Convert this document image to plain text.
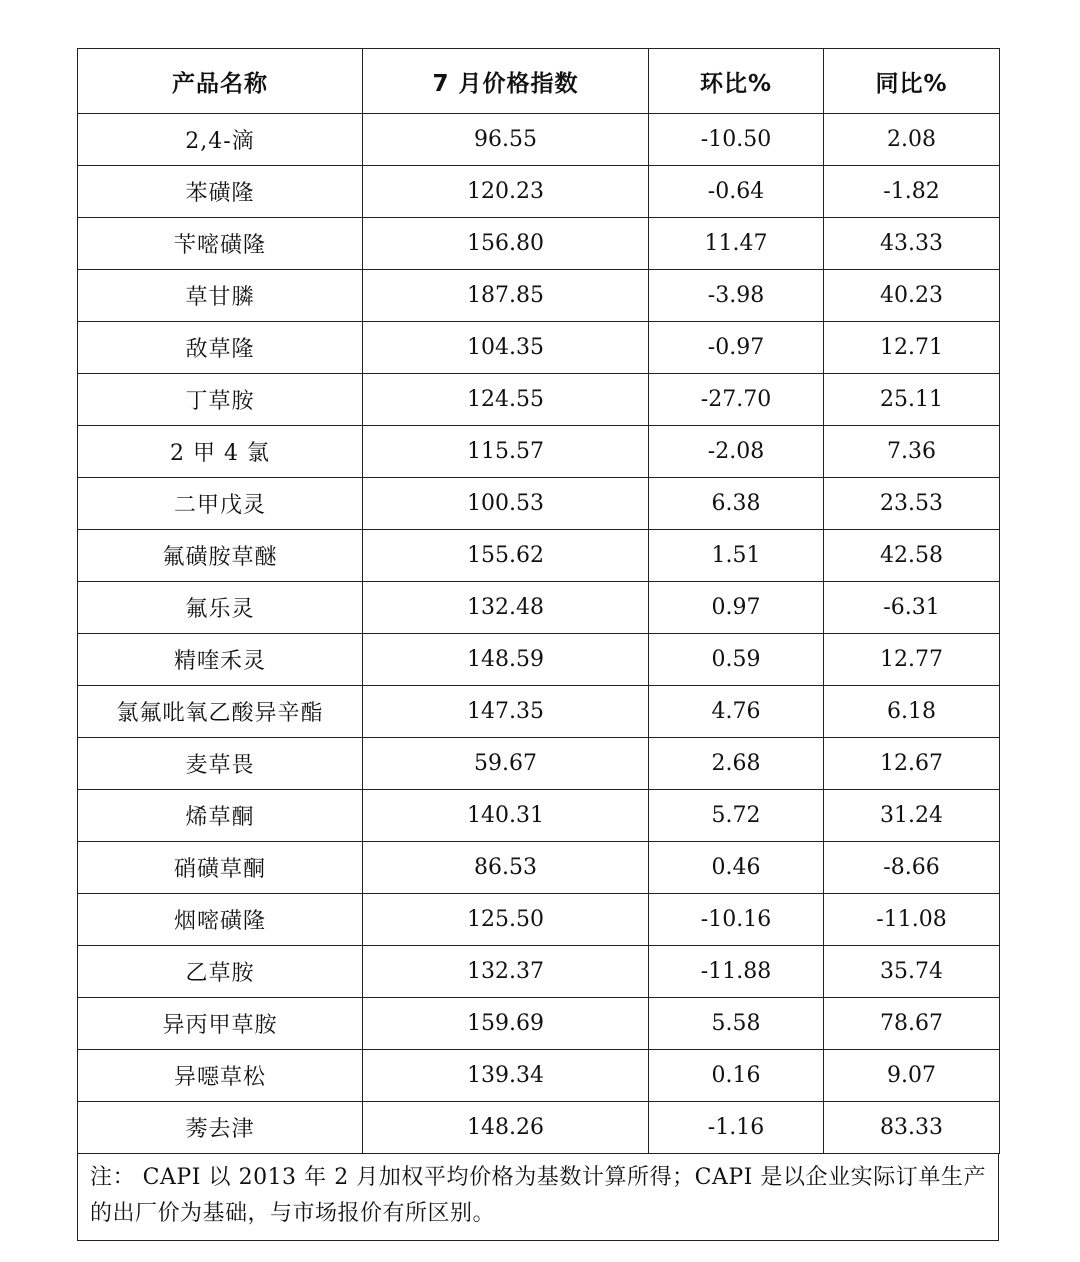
产品名称	7 月价格指数	环比%	同比%
2,4-滴	96.55	-10.50	2.08
苯磺隆	120.23	-0.64	-1.82
苄嘧磺隆	156.80	11.47	43.33
草甘膦	187.85	-3.98	40.23
敌草隆	104.35	-0.97	12.71
丁草胺	124.55	-27.70	25.11
2 甲 4 氯	115.57	-2.08	7.36
二甲戊灵	100.53	6.38	23.53
氟磺胺草醚	155.62	1.51	42.58
氟乐灵	132.48	0.97	-6.31
精喹禾灵	148.59	0.59	12.77
氯氟吡氧乙酸异辛酯	147.35	4.76	6.18
麦草畏	59.67	2.68	12.67
烯草酮	140.31	5.72	31.24
硝磺草酮	86.53	0.46	-8.66
烟嘧磺隆	125.50	-10.16	-11.08
乙草胺	132.37	-11.88	35.74
异丙甲草胺	159.69	5.58	78.67
异噁草松	139.34	0.16	9.07
莠去津	148.26	-1.16	83.33
注： CAPI 以 2013 年 2 月加权平均价格为基数计算所得；CAPI 是以企业实际订单生产的出厂价为基础，与市场报价有所区别。
